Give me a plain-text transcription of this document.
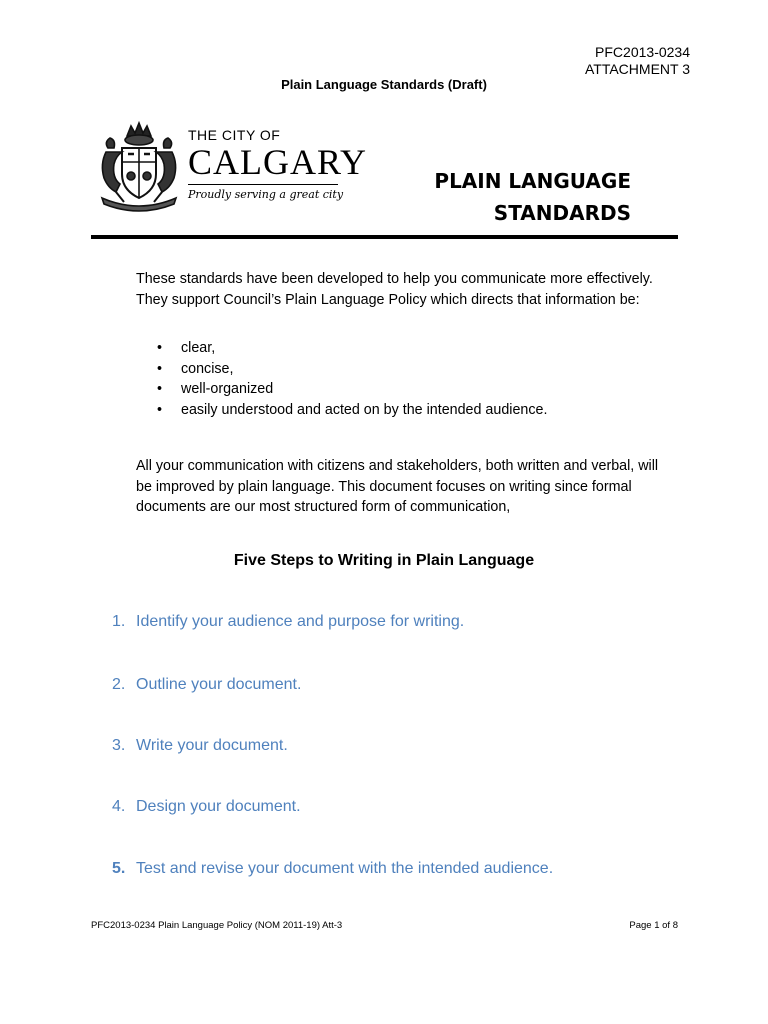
PFC2013-0234
ATTACHMENT 3
Plain Language Standards (Draft)
THE CITY OF
CALGARY
Proudly serving a great city
PLAIN LANGUAGE
STANDARDS
These standards have been developed to help you communicate more effectively. They support Council’s Plain Language Policy which directs that information be:
• clear,
• concise,
• well-organized
• easily understood and acted on by the intended audience.
All your communication with citizens and stakeholders, both written and verbal, will be improved by plain language. This document focuses on writing since formal documents are our most structured form of communication,
Five Steps to Writing in Plain Language
1. Identify your audience and purpose for writing.
2. Outline your document.
3. Write your document.
4. Design your document.
5. Test and revise your document with the intended audience.
PFC2013-0234 Plain Language Policy (NOM 2011-19) Att-3	Page 1 of 8
